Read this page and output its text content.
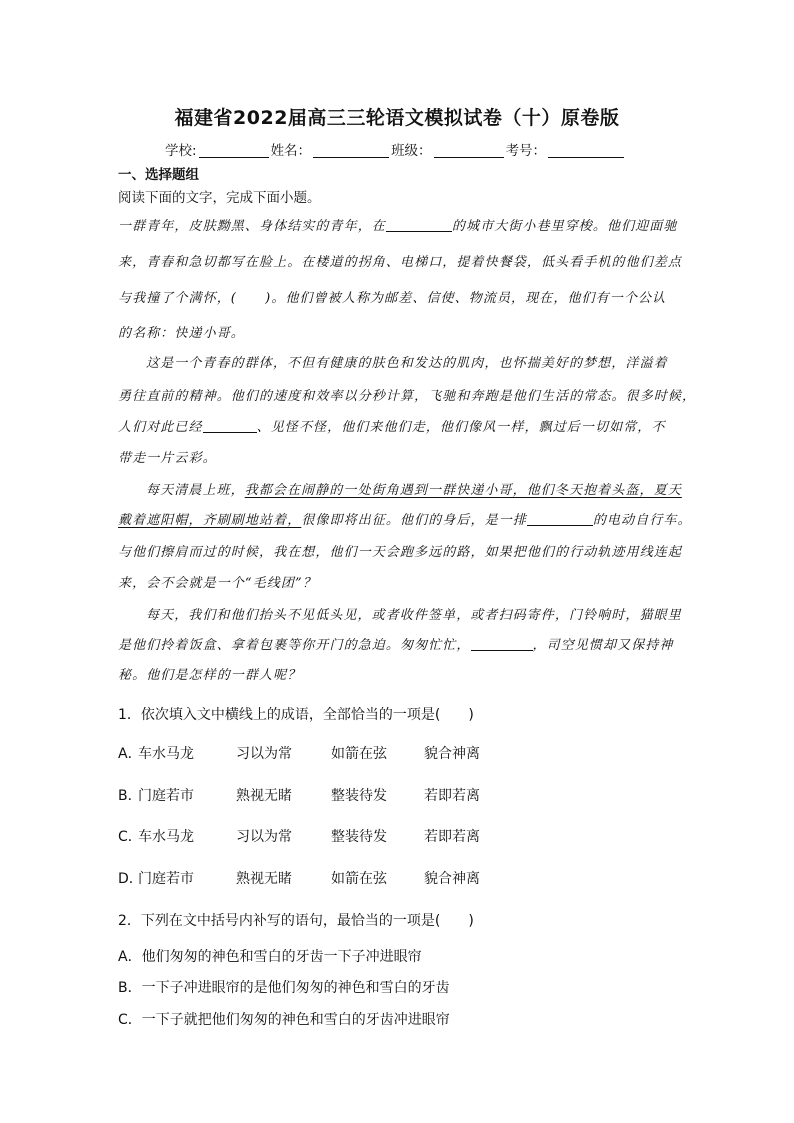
福建省2022届高三三轮语文模拟试卷（十）原卷版
学校:	姓名：	班级：	考号：
一、选择题组
阅读下面的文字，完成下面小题。
一群青年，皮肤黝黑、身体结实的青年，在	的城市大街小巷里穿梭。他们迎面驰
来，青春和急切都写在脸上。在楼道的拐角、电梯口，提着快餐袋，低头看手机的他们差点
与我撞了个满怀，(　　)。他们曾被人称为邮差、信使、物流员，现在，他们有一个公认
的名称：快递小哥。
这是一个青春的群体，不但有健康的肤色和发达的肌肉，也怀揣美好的梦想，洋溢着
勇往直前的精神。他们的速度和效率以分秒计算，飞驰和奔跑是他们生活的常态。很多时候，
人们对此已经	、见怪不怪，他们来他们走，他们像风一样，飘过后一切如常，不
带走一片云彩。
每天清晨上班，我都会在闹静的一处街角遇到一群快递小哥，他们冬天抱着头盔，夏天
戴着遮阳帽，齐刷刷地站着，很像即将出征。他们的身后，是一排	的电动自行车。
与他们擦肩而过的时候，我在想，他们一天会跑多远的路，如果把他们的行动轨迹用线连起
来，会不会就是一个“毛线团”？
每天，我们和他们抬头不见低头见，或者收件签单，或者扫码寄件，门铃响时，猫眼里
是他们拎着饭盒、拿着包裹等你开门的急迫。匆匆忙忙，	，司空见惯却又保持神
秘。他们是怎样的一群人呢？
1．依次填入文中横线上的成语，全部恰当的一项是(　　)
A．车水马龙	习以为常	如箭在弦	貌合神离
B．门庭若市	熟视无睹	整装待发	若即若离
C．车水马龙	习以为常	整装待发	若即若离
D．门庭若市	熟视无睹	如箭在弦	貌合神离
2．下列在文中括号内补写的语句，最恰当的一项是(　　)
A．他们匆匆的神色和雪白的牙齿一下子冲进眼帘
B．一下子冲进眼帘的是他们匆匆的神色和雪白的牙齿
C．一下子就把他们匆匆的神色和雪白的牙齿冲进眼帘
